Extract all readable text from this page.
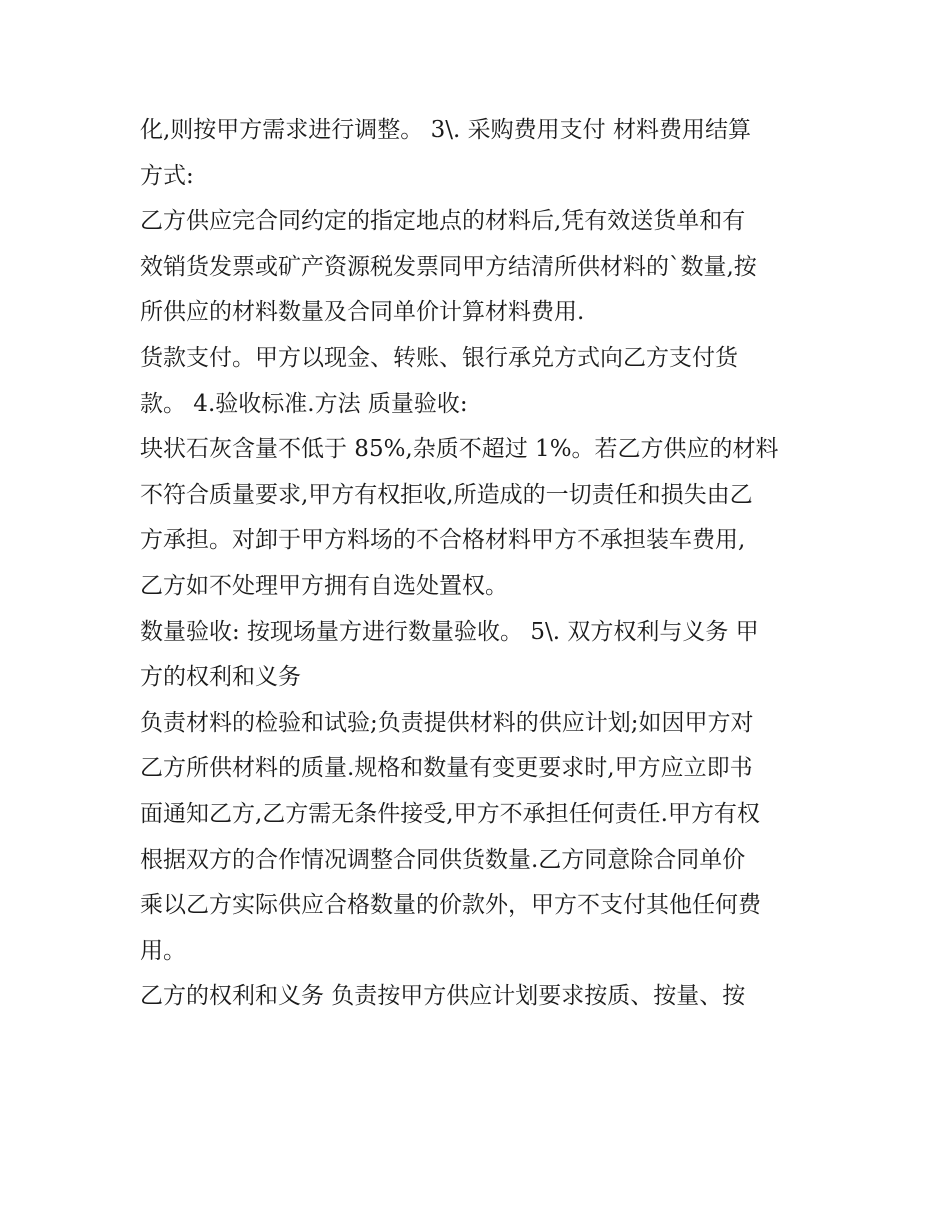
化,则按甲方需求进行调整。 3\. 采购费用支付 材料费用结算
方式:
乙方供应完合同约定的指定地点的材料后,凭有效送货单和有
效销货发票或矿产资源税发票同甲方结清所供材料的`数量,按
所供应的材料数量及合同单价计算材料费用.
货款支付。甲方以现金、转账、银行承兑方式向乙方支付货
款。 4.验收标准.方法 质量验收:
块状石灰含量不低于 85%,杂质不超过 1%。若乙方供应的材料
不符合质量要求,甲方有权拒收,所造成的一切责任和损失由乙
方承担。对卸于甲方料场的不合格材料甲方不承担装车费用,
乙方如不处理甲方拥有自选处置权。
数量验收: 按现场量方进行数量验收。 5\. 双方权利与义务 甲
方的权利和义务
负责材料的检验和试验;负责提供材料的供应计划;如因甲方对
乙方所供材料的质量.规格和数量有变更要求时,甲方应立即书
面通知乙方,乙方需无条件接受,甲方不承担任何责任.甲方有权
根据双方的合作情况调整合同供货数量.乙方同意除合同单价
乘以乙方实际供应合格数量的价款外，甲方不支付其他任何费
用。
乙方的权利和义务 负责按甲方供应计划要求按质、按量、按
